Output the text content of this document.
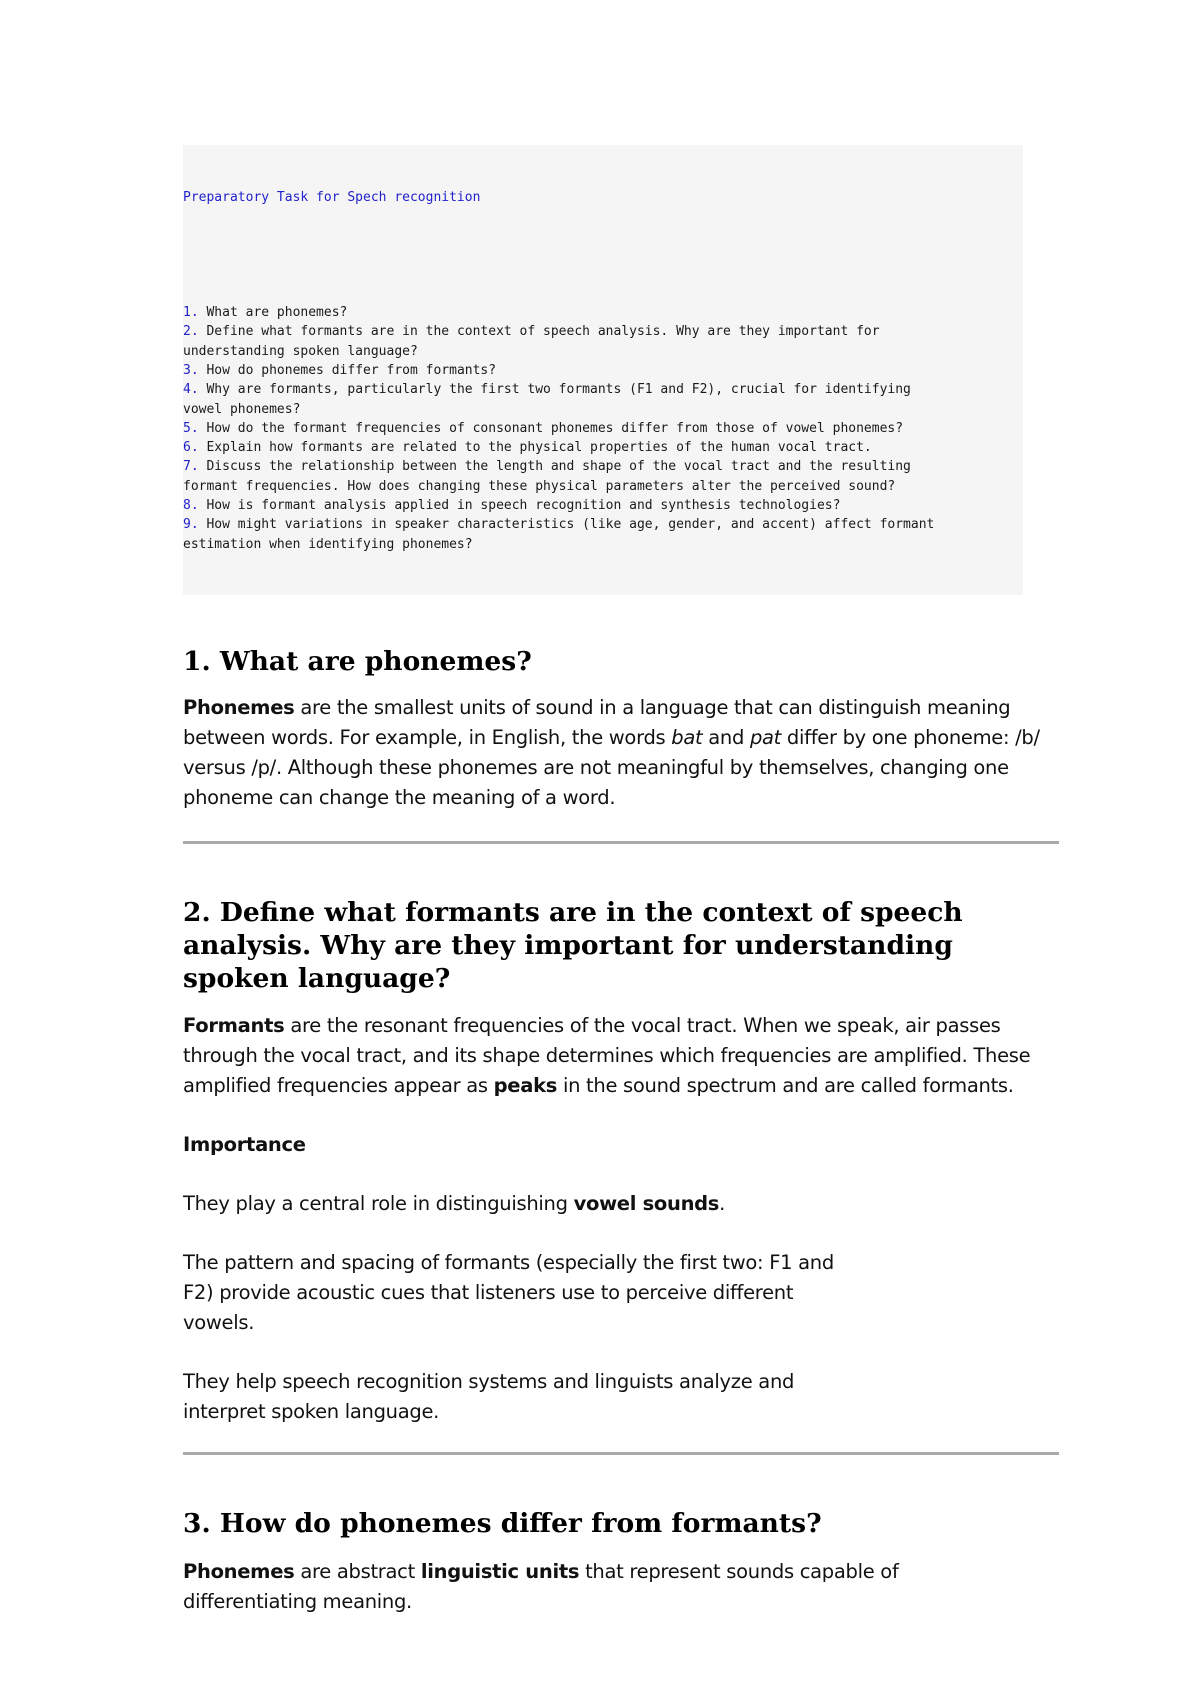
Preparatory Task for Spech recognition

1. What are phonemes?
2. Define what formants are in the context of speech analysis. Why are they important for
understanding spoken language?
3. How do phonemes differ from formants?
4. Why are formants, particularly the first two formants (F1 and F2), crucial for identifying
vowel phonemes?
5. How do the formant frequencies of consonant phonemes differ from those of vowel phonemes?
6. Explain how formants are related to the physical properties of the human vocal tract.
7. Discuss the relationship between the length and shape of the vocal tract and the resulting
formant frequencies. How does changing these physical parameters alter the perceived sound?
8. How is formant analysis applied in speech recognition and synthesis technologies?
9. How might variations in speaker characteristics (like age, gender, and accent) affect formant
estimation when identifying phonemes?

1. What are phonemes?

Phonemes are the smallest units of sound in a language that can distinguish meaning between words. For example, in English, the words bat and pat differ by one phoneme: /b/ versus /p/. Although these phonemes are not meaningful by themselves, changing one phoneme can change the meaning of a word.

2. Define what formants are in the context of speech analysis. Why are they important for understanding spoken language?

Formants are the resonant frequencies of the vocal tract. When we speak, air passes through the vocal tract, and its shape determines which frequencies are amplified. These amplified frequencies appear as peaks in the sound spectrum and are called formants.

Importance

They play a central role in distinguishing vowel sounds.

The pattern and spacing of formants (especially the first two: F1 and F2) provide acoustic cues that listeners use to perceive different vowels.

They help speech recognition systems and linguists analyze and interpret spoken language.

3. How do phonemes differ from formants?

Phonemes are abstract linguistic units that represent sounds capable of differentiating meaning.
